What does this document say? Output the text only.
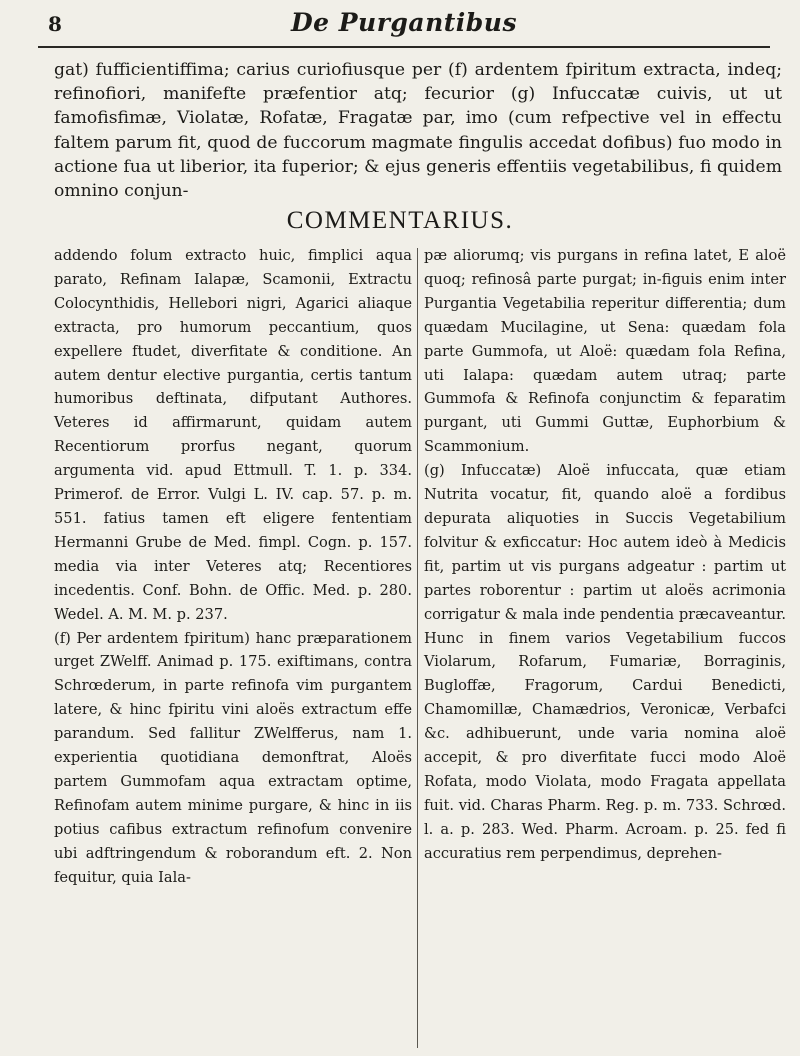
8	De Purgantibus
gat) fufficientiffima; carius curiofiusque per (f) ardentem fpiritum extracta, indeq; refinofiori, manifefte præfentior atq; fecurior (g) Infuccatæ cuivis, ut ut famofisfimæ, Violatæ, Rofatæ, Fragatæ par, imo (cum refpective vel in effectu faltem parum fit, quod de fuccorum magmate fingulis accedat dofibus) fuo modo in actione fua ut liberior, ita fuperior; & ejus generis effentiis vegetabilibus, fi quidem omnino conjun-
COMMENTARIUS.

addendo folum extracto huic, fimplici aqua parato, Refinam Ialapæ, Scamonii, Extractu Colocynthidis, Hellebori nigri, Agarici aliaque extracta, pro humorum peccantium, quos expellere ftudet, diverfitate & conditione. An autem dentur elective purgantia, certis tantum humoribus deftinata, difputant Authores. Veteres id affirmarunt, quidam autem Recentiorum prorfus negant, quorum argumenta vid. apud Ettmull. T. 1. p. 334. Primerof. de Error. Vulgi L. IV. cap. 57. p. m. 551. fatius tamen eft eligere fententiam Hermanni Grube de Med. fimpl. Cogn. p. 157. media via inter Veteres atq; Recentiores incedentis. Conf. Bohn. de Offic. Med. p. 280. Wedel. A. M. M. p. 237.

(f) Per ardentem fpiritum) hanc præparationem urget ZWelff. Animad p. 175. exiftimans, contra Schrœderum, in parte refinofa vim purgantem latere, & hinc fpiritu vini aloës extractum effe parandum. Sed fallitur ZWelfferus, nam 1. experientia quotidiana demonftrat, Aloës partem Gummofam aqua extractam optime, Refinofam autem minime purgare, & hinc in iis potius cafibus extractum refinofum convenire ubi adftringendum & roborandum eft. 2. Non fequitur, quia Iala-

pæ aliorumq; vis purgans in refina latet, E aloë quoq; refinosâ parte purgat; in-figuis enim inter Purgantia Vegetabilia reperitur differentia; dum quædam Mucilagine, ut Sena: quædam fola parte Gummofa, ut Aloë: quædam fola Refina, uti Ialapa: quædam autem utraq; parte Gummofa & Refinofa conjunctim & feparatim purgant, uti Gummi Guttæ, Euphorbium & Scammonium.

(g) Infuccatæ) Aloë infuccata, quæ etiam Nutrita vocatur, fit, quando aloë a fordibus depurata aliquoties in Succis Vegetabilium folvitur & exficcatur: Hoc autem ideò à Medicis fit, partim ut vis purgans adgeatur : partim ut partes roborentur : partim ut aloës acrimonia corrigatur & mala inde pendentia præcaveantur. Hunc in finem varios Vegetabilium fuccos Violarum, Rofarum, Fumariæ, Borraginis, Bugloffæ, Fragorum, Cardui Benedicti, Chamomillæ, Chamædrios, Veronicæ, Verbafci &c. adhibuerunt, unde varia nomina aloë accepit, & pro diverfitate fucci modo Aloë Rofata, modo Violata, modo Fragata appellata fuit. vid. Charas Pharm. Reg. p. m. 733. Schrœd. l. a. p. 283. Wed. Pharm. Acroam. p. 25. fed fi accuratius rem perpendimus, deprehen-
